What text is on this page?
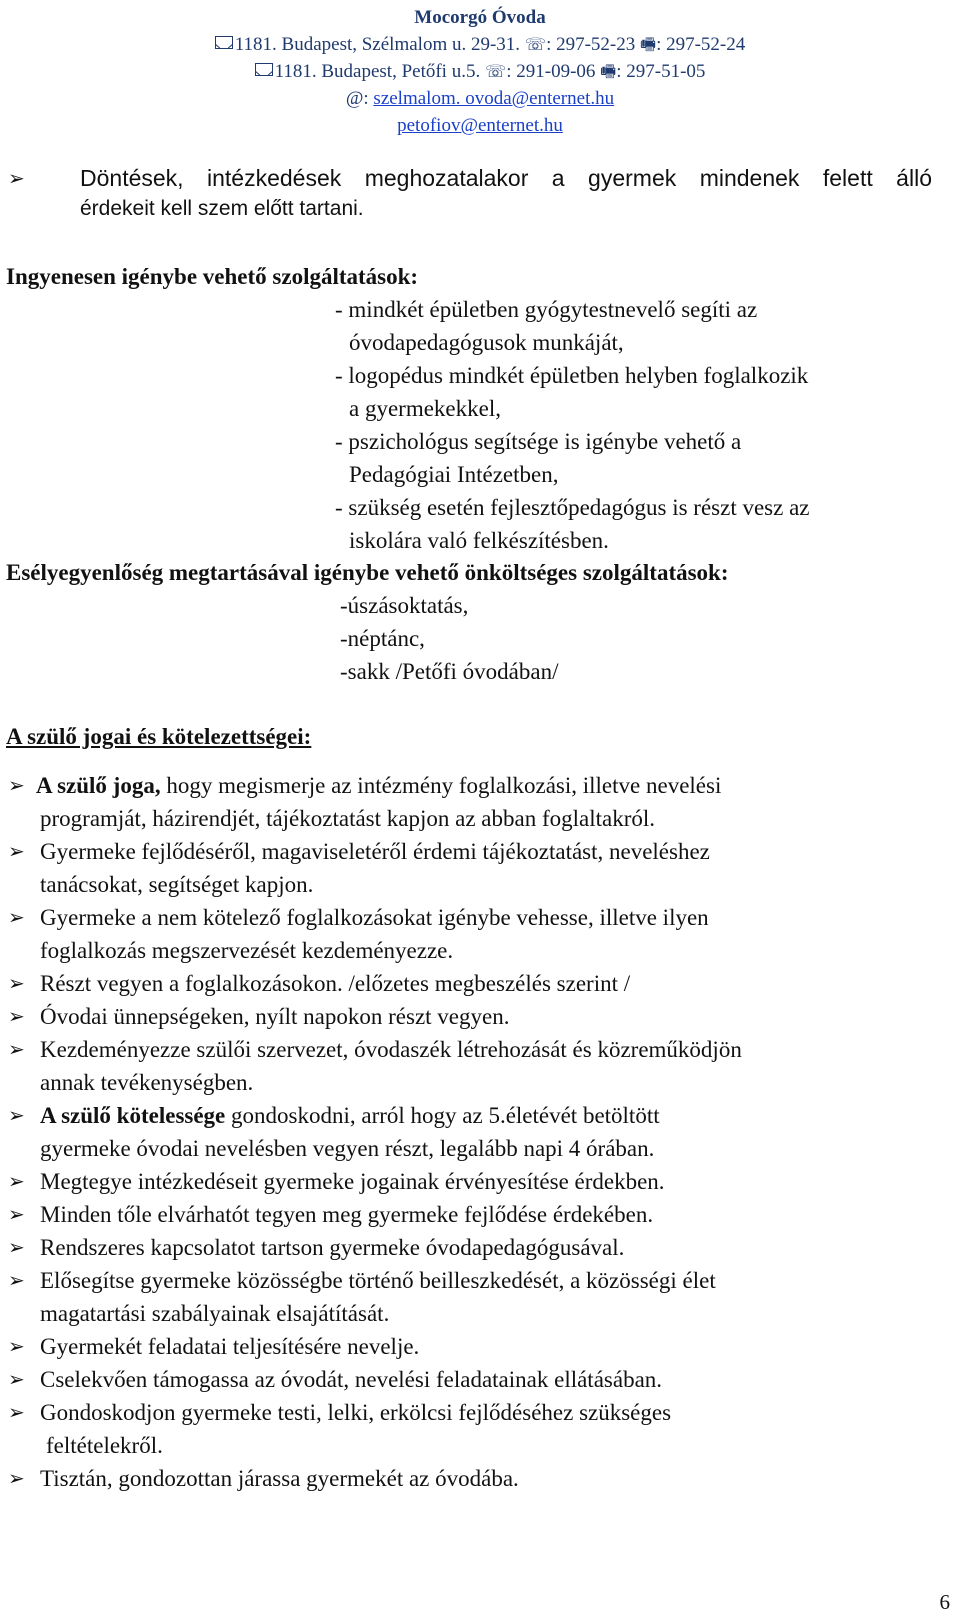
Mocorgó Óvoda
1181. Budapest, Szélmalom u. 29-31. ☏: 297-52-23 🖷: 297-52-24
1181. Budapest, Petőfi u.5. ☏: 291-09-06 🖷: 297-51-05
@: szelmalom. ovoda@enternet.hu
petofiov@enternet.hu
➢ Döntések, intézkedések meghozatalakor a gyermek mindenek felett álló
érdekeit kell szem előtt tartani.
Ingyenesen igénybe vehető szolgáltatások:
- mindkét épületben gyógytestnevelő segíti az
óvodapedagógusok munkáját,
- logopédus mindkét épületben helyben foglalkozik
a gyermekekkel,
- pszichológus segítsége is igénybe vehető a
Pedagógiai Intézetben,
- szükség esetén fejlesztőpedagógus is részt vesz az
iskolára való felkészítésben.
Esélyegyenlőség megtartásával igénybe vehető önköltséges szolgáltatások:
-úszásoktatás,
-néptánc,
-sakk /Petőfi óvodában/
A szülő jogai és kötelezettségei:
➢ A szülő joga, hogy megismerje az intézmény foglalkozási, illetve nevelési
programját, házirendjét, tájékoztatást kapjon az abban foglaltakról.
➢ Gyermeke fejlődéséről, magaviseletéről érdemi tájékoztatást, neveléshez
tanácsokat, segítséget kapjon.
➢ Gyermeke a nem kötelező foglalkozásokat igénybe vehesse, illetve ilyen
foglalkozás megszervezését kezdeményezze.
➢ Részt vegyen a foglalkozásokon. /előzetes megbeszélés szerint /
➢ Óvodai ünnepségeken, nyílt napokon részt vegyen.
➢ Kezdeményezze szülői szervezet, óvodaszék létrehozását és közreműködjön
annak tevékenységben.
➢ A szülő kötelessége gondoskodni, arról hogy az 5.életévét betöltött
gyermeke óvodai nevelésben vegyen részt, legalább napi 4 órában.
➢ Megtegye intézkedéseit gyermeke jogainak érvényesítése érdekben.
➢ Minden tőle elvárhatót tegyen meg gyermeke fejlődése érdekében.
➢ Rendszeres kapcsolatot tartson gyermeke óvodapedagógusával.
➢ Elősegítse gyermeke közösségbe történő beilleszkedését, a közösségi élet
magatartási szabályainak elsajátítását.
➢ Gyermekét feladatai teljesítésére nevelje.
➢ Cselekvően támogassa az óvodát, nevelési feladatainak ellátásában.
➢ Gondoskodjon gyermeke testi, lelki, erkölcsi fejlődéséhez szükséges
feltételekről.
➢ Tisztán, gondozottan járassa gyermekét az óvodába.
6
